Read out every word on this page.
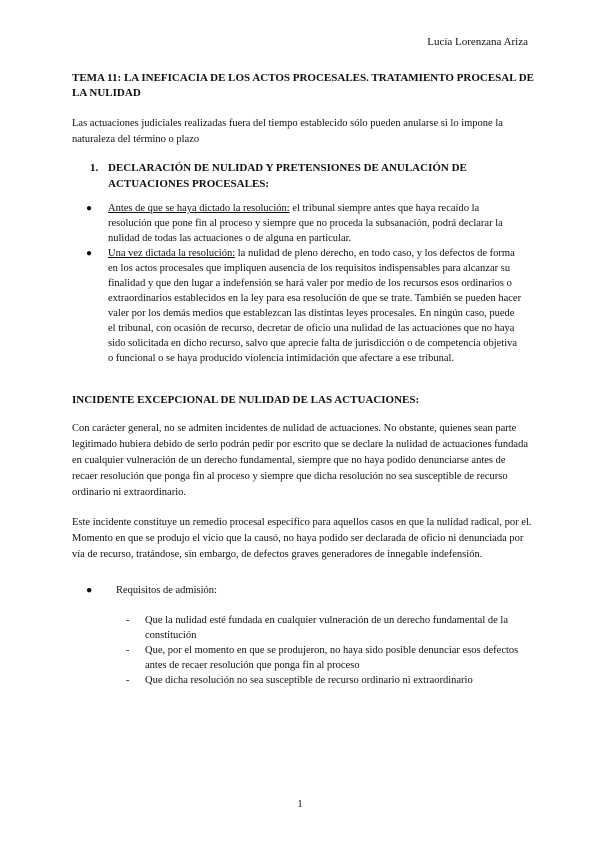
Lucía Lorenzana Ariza
TEMA 11: LA INEFICACIA DE LOS ACTOS PROCESALES. TRATAMIENTO PROCESAL DE LA NULIDAD
Las actuaciones judiciales realizadas fuera del tiempo establecido sólo pueden anularse si lo impone la naturaleza del término o plazo
1. DECLARACIÓN DE NULIDAD Y PRETENSIONES DE ANULACIÓN DE ACTUACIONES PROCESALES:
● Antes de que se haya dictado la resolución: el tribunal siempre antes que haya recaído la resolución que pone fin al proceso y siempre que no proceda la subsanación, podrá declarar la nulidad de todas las actuaciones o de alguna en particular.
● Una vez dictada la resolución: la nulidad de pleno derecho, en todo caso, y los defectos de forma en los actos procesales que impliquen ausencia de los requisitos indispensables para alcanzar su finalidad y que den lugar a indefensión se hará valer por medio de los recursos esos ordinarios o extraordinarios establecidos en la ley para esa resolución de que se trate. También se pueden hacer valer por los demás medios que establezcan las distintas leyes procesales. En ningún caso, puede el tribunal, con ocasión de recurso, decretar de oficio una nulidad de las actuaciones que no haya sido solicitada en dicho recurso, salvo que aprecie falta de jurisdicción o de competencia objetiva o funcional o se haya producido violencia intimidación que afectare a ese tribunal.
INCIDENTE EXCEPCIONAL DE NULIDAD DE LAS ACTUACIONES:
Con carácter general, no se admiten incidentes de nulidad de actuaciones. No obstante, quienes sean parte legitimado hubiera debido de serlo podrán pedir por escrito que se declare la nulidad de actuaciones fundada en cualquier vulneración de un derecho fundamental, siempre que no haya podido denunciarse antes de recaer resolución que ponga fin al proceso y siempre que dicha resolución no sea susceptible de recurso ordinario ni extraordinario.
Este incidente constituye un remedio procesal específico para aquellos casos en que la nulidad radical, por el. Momento en que se produjo el vicio que la causó, no haya podido ser declarada de oficio ni denunciada por vía de recurso, tratándose, sin embargo, de defectos graves generadores de innegable indefensión.
● Requisitos de admisión:
- Que la nulidad esté fundada en cualquier vulneración de un derecho fundamental de la constitución
- Que, por el momento en que se produjeron, no haya sido posible denunciar esos defectos antes de recaer resolución que ponga fin al proceso
- Que dicha resolución no sea susceptible de recurso ordinario ni extraordinario
1
